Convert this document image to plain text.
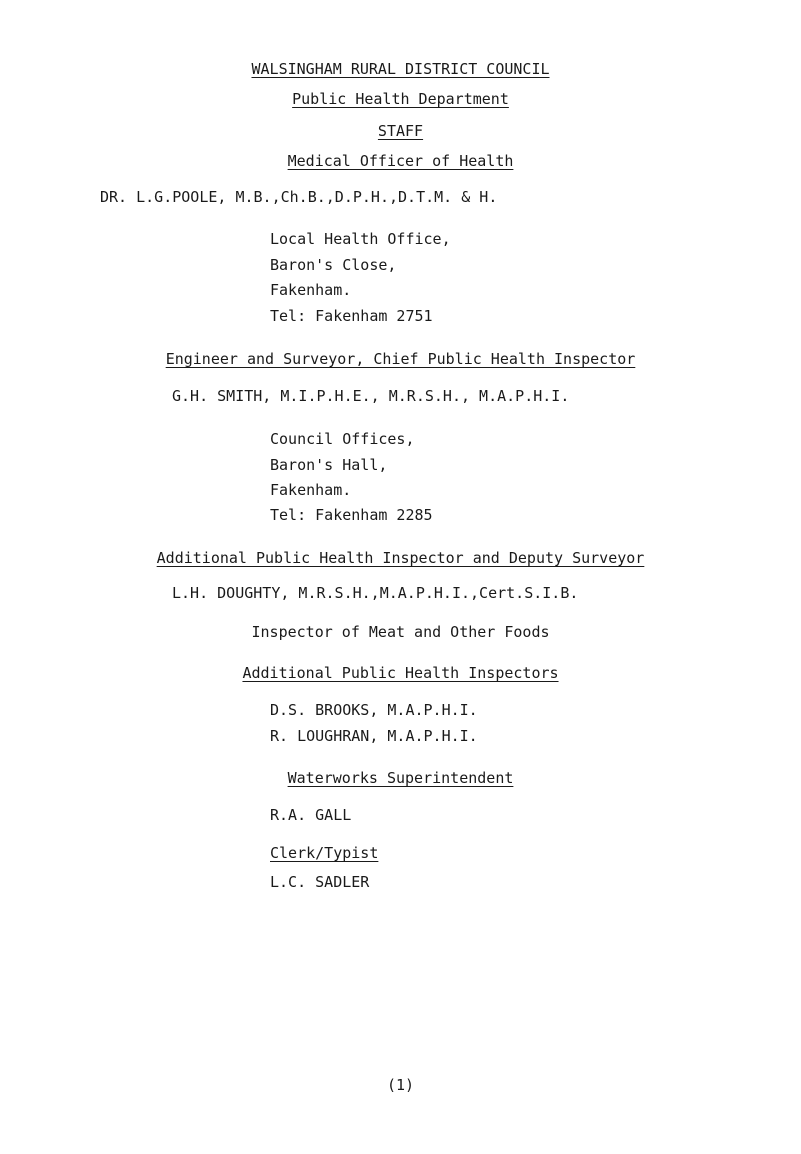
WALSINGHAM RURAL DISTRICT COUNCIL
Public Health Department
STAFF
Medical Officer of Health
DR. L.G.POOLE, M.B.,Ch.B.,D.P.H.,D.T.M. & H.
Local Health Office,
Baron's Close,
Fakenham.
Tel: Fakenham 2751
Engineer and Surveyor, Chief Public Health Inspector
G.H. SMITH, M.I.P.H.E., M.R.S.H., M.A.P.H.I.
Council Offices,
Baron's Hall,
Fakenham.
Tel: Fakenham 2285
Additional Public Health Inspector and Deputy Surveyor
L.H. DOUGHTY, M.R.S.H.,M.A.P.H.I.,Cert.S.I.B.
Inspector of Meat and Other Foods
Additional Public Health Inspectors
D.S. BROOKS, M.A.P.H.I.
R. LOUGHRAN, M.A.P.H.I.
Waterworks Superintendent
R.A. GALL
Clerk/Typist
L.C. SADLER
(1)
